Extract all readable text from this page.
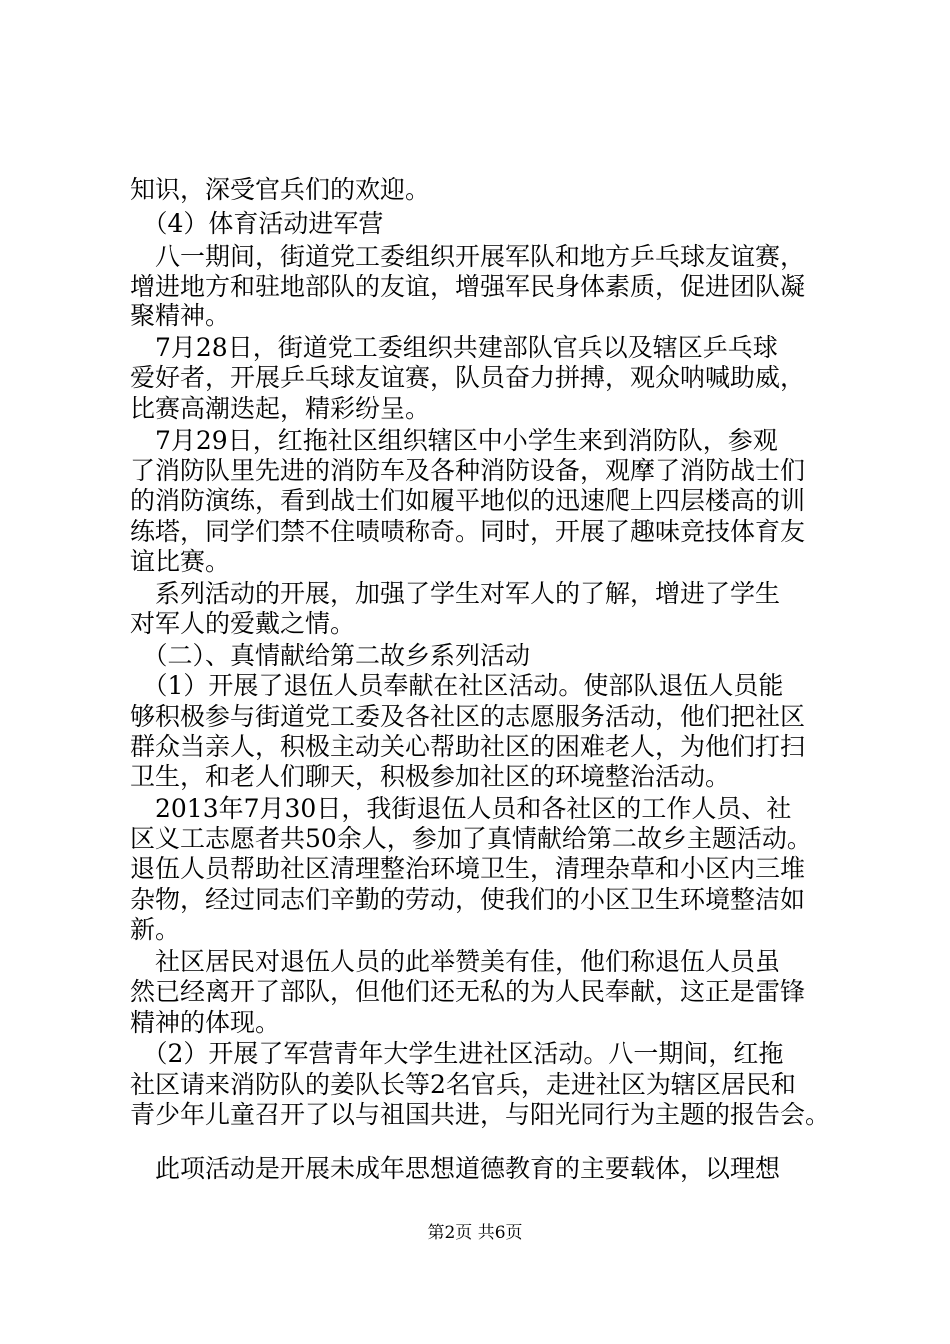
知识，深受官兵们的欢迎。

　（4）体育活动进军营

　八一期间，街道党工委组织开展军队和地方乒乓球友谊赛，

增进地方和驻地部队的友谊，增强军民身体素质，促进团队凝

聚精神。

　7月28日，街道党工委组织共建部队官兵以及辖区乒乓球

爱好者，开展乒乓球友谊赛，队员奋力拼搏，观众呐喊助威，

比赛高潮迭起，精彩纷呈。

　7月29日，红拖社区组织辖区中小学生来到消防队，参观

了消防队里先进的消防车及各种消防设备，观摩了消防战士们

的消防演练，看到战士们如履平地似的迅速爬上四层楼高的训

练塔，同学们禁不住啧啧称奇。同时，开展了趣味竞技体育友

谊比赛。

　系列活动的开展，加强了学生对军人的了解，增进了学生

对军人的爱戴之情。

　（二）、真情献给第二故乡系列活动

　（1）开展了退伍人员奉献在社区活动。使部队退伍人员能

够积极参与街道党工委及各社区的志愿服务活动，他们把社区

群众当亲人，积极主动关心帮助社区的困难老人，为他们打扫

卫生，和老人们聊天，积极参加社区的环境整治活动。

　2013年7月30日，我街退伍人员和各社区的工作人员、社

区义工志愿者共50余人，参加了真情献给第二故乡主题活动。

退伍人员帮助社区清理整治环境卫生，清理杂草和小区内三堆

杂物，经过同志们辛勤的劳动，使我们的小区卫生环境整洁如

新。

　社区居民对退伍人员的此举赞美有佳，他们称退伍人员虽

然已经离开了部队，但他们还无私的为人民奉献，这正是雷锋

精神的体现。

　（2）开展了军营青年大学生进社区活动。八一期间，红拖

社区请来消防队的姜队长等2名官兵，走进社区为辖区居民和

青少年儿童召开了以与祖国共进，与阳光同行为主题的报告会。

　此项活动是开展未成年思想道德教育的主要载体，以理想

第2页 共6页
